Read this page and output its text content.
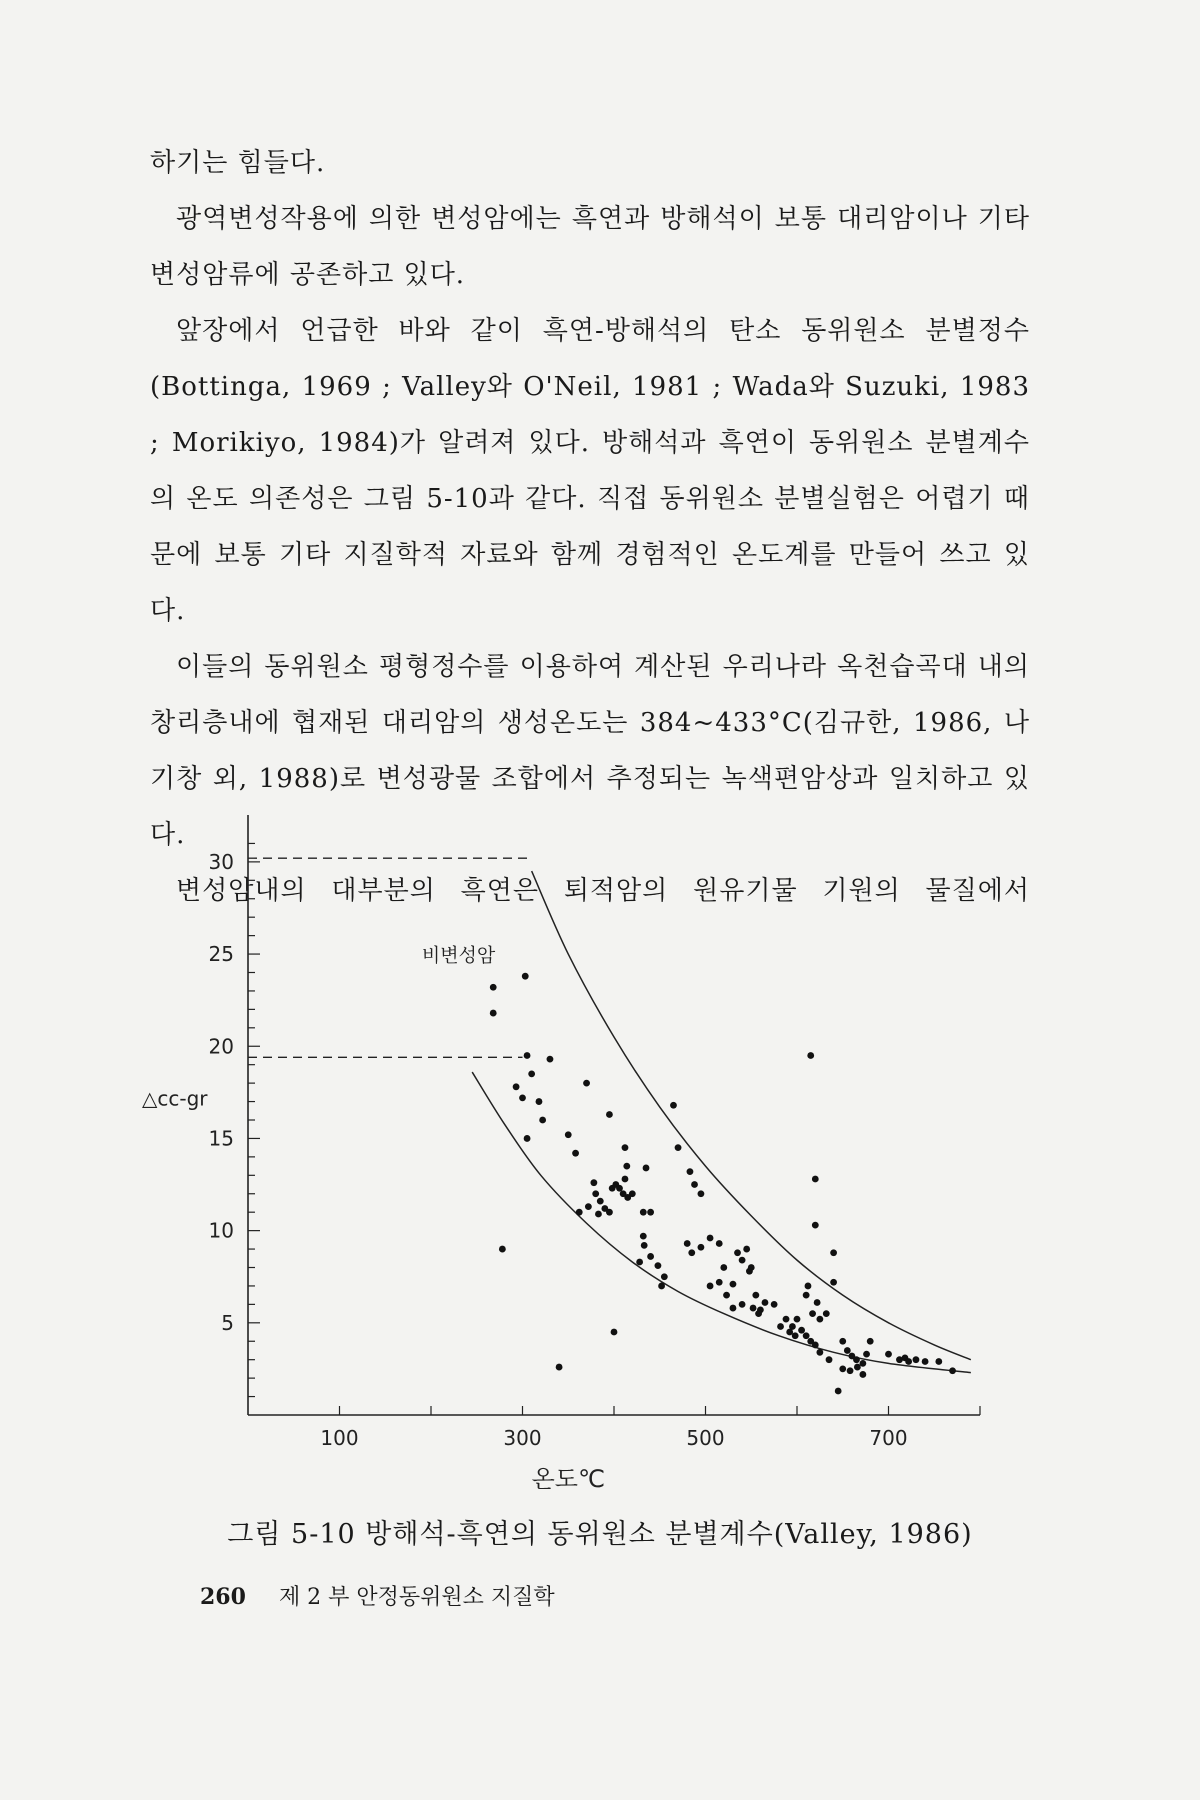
하기는 힘들다.

광역변성작용에 의한 변성암에는 흑연과 방해석이 보통 대리암이나 기타 변성암류에 공존하고 있다.

앞장에서 언급한 바와 같이 흑연-방해석의 탄소 동위원소 분별정수(Bottinga, 1969 ; Valley와 O'Neil, 1981 ; Wada와 Suzuki, 1983 ; Morikiyo, 1984)가 알려져 있다. 방해석과 흑연이 동위원소 분별계수의 온도 의존성은 그림 5-10과 같다. 직접 동위원소 분별실험은 어렵기 때문에 보통 기타 지질학적 자료와 함께 경험적인 온도계를 만들어 쓰고 있다.

이들의 동위원소 평형정수를 이용하여 계산된 우리나라 옥천습곡대 내의 창리층내에 협재된 대리암의 생성온도는 384~433°C(김규한, 1986, 나기창 외, 1988)로 변성광물 조합에서 추정되는 녹색편암상과 일치하고 있다.

변성암내의 대부분의 흑연은 퇴적암의 원유기물 기원의 물질에서

5
10
15
20
25
30
100	300	500	700
비변성암
△cc-gr
온도℃
그림 5-10 방해석-흑연의 동위원소 분별계수(Valley, 1986)
260 제 2 부 안정동위원소 지질학
